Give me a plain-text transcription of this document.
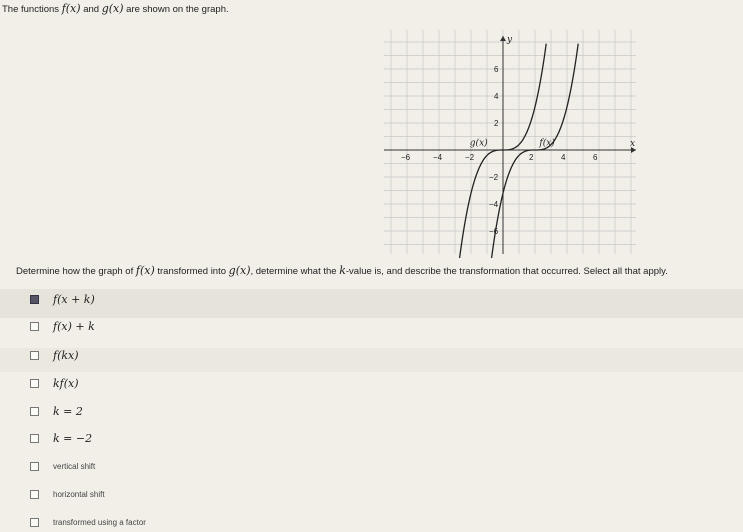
The functions f(x) and g(x) are shown on the graph.
x
y
−6	−4	−2	2	4	6
6
4
2
−2
−4
−6
g(x)	f(x)
Determine how the graph of f(x) transformed into g(x), determine what the k-value is, and describe the transformation that occurred. Select all that apply.
f(x + k)
f(x) + k
f(kx)
kf(x)
k = 2
k = −2
vertical shift
horizontal shift
transformed using a factor
